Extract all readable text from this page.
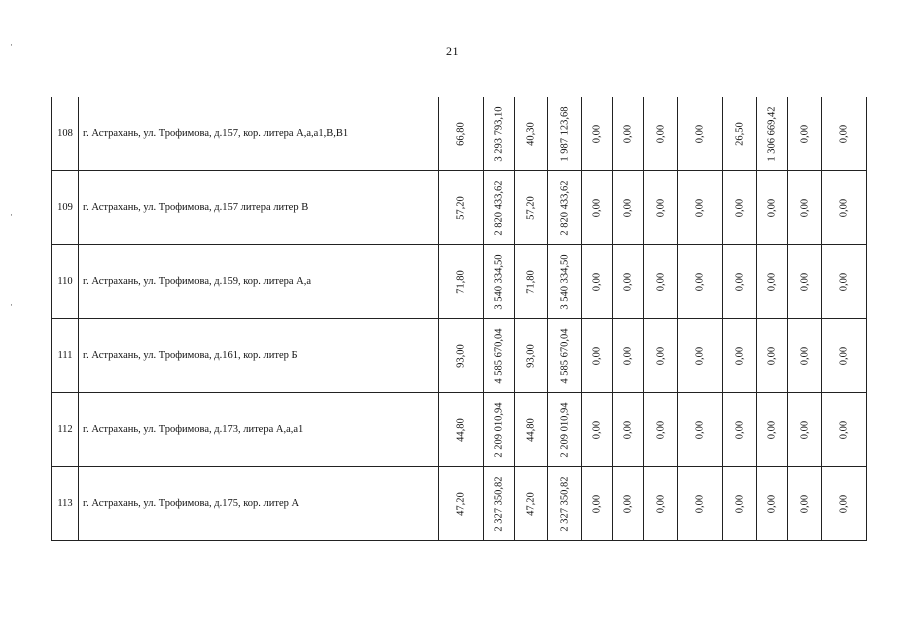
21
108	г. Астрахань, ул. Трофимова, д.157, кор. литера А,а,а1,В,В1	66,80	3 293 793,10	40,30	1 987 123,68	0,00	0,00	0,00	0,00	26,50	1 306 669,42	0,00	0,00

109	г. Астрахань, ул. Трофимова, д.157 литера литер В	57,20	2 820 433,62	57,20	2 820 433,62	0,00	0,00	0,00	0,00	0,00	0,00	0,00	0,00

110	г. Астрахань, ул. Трофимова, д.159, кор. литера А,а	71,80	3 540 334,50	71,80	3 540 334,50	0,00	0,00	0,00	0,00	0,00	0,00	0,00	0,00

111	г. Астрахань, ул. Трофимова, д.161, кор. литер Б	93,00	4 585 670,04	93,00	4 585 670,04	0,00	0,00	0,00	0,00	0,00	0,00	0,00	0,00

112	г. Астрахань, ул. Трофимова, д.173, литера А,а,а1	44,80	2 209 010,94	44,80	2 209 010,94	0,00	0,00	0,00	0,00	0,00	0,00	0,00	0,00

113	г. Астрахань, ул. Трофимова, д.175, кор. литер А	47,20	2 327 350,82	47,20	2 327 350,82	0,00	0,00	0,00	0,00	0,00	0,00	0,00	0,00
·
·
·
